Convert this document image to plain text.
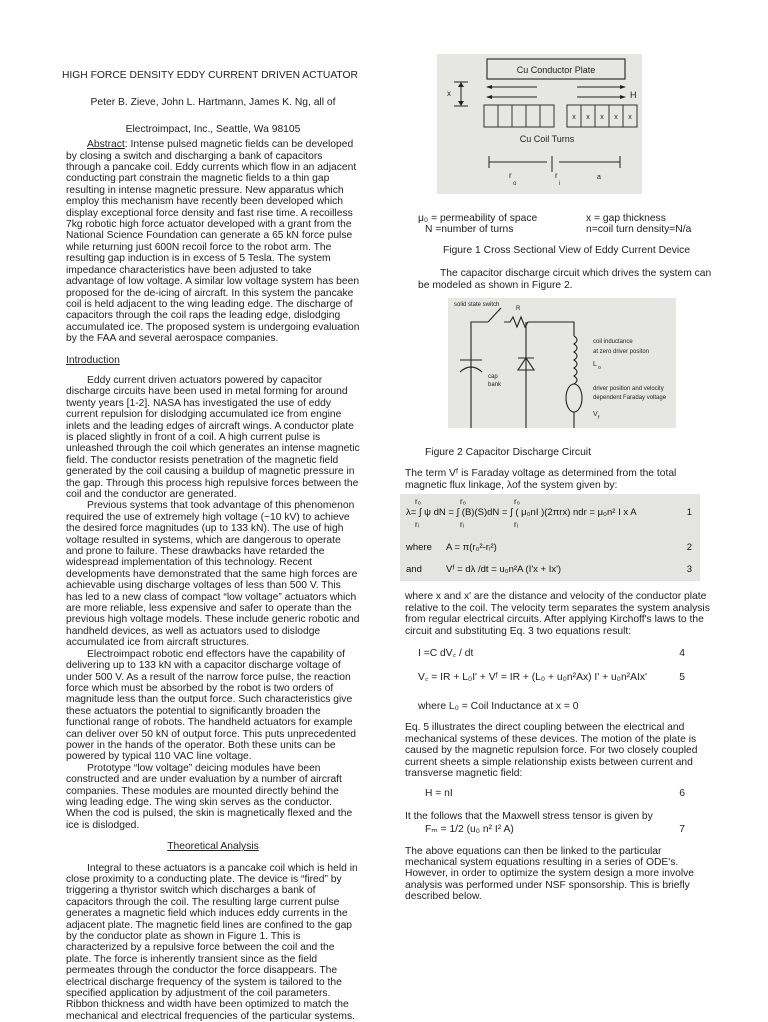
HIGH FORCE DENSITY EDDY CURRENT DRIVEN ACTUATOR
Peter B. Zieve, John L. Hartmann, James K. Ng, all of
Electroimpact, Inc., Seattle, Wa 98105

Abstract: Intense pulsed magnetic fields can be developed by closing a switch and discharging a bank of capacitors through a pancake coil. Eddy currents which flow in an adjacent conducting part constrain the magnetic fields to a thin gap resulting in intense magnetic pressure. New apparatus which employ this mechanism have recently been developed which display exceptional force density and fast rise time. A recoilless 7kg robotic high force actuator developed with a grant from the National Science Foundation can generate a 65 kN force pulse while returning just 600N recoil force to the robot arm. The resulting gap induction is in excess of 5 Tesla. The system impedance characteristics have been adjusted to take advantage of low voltage. A similar low voltage system has been proposed for the de-icing of aircraft. In this system the pancake coil is held adjacent to the wing leading edge. The discharge of capacitors through the coil raps the leading edge, dislodging accumulated ice. The proposed system is undergoing evaluation by the FAA and several aerospace companies.

Introduction

Eddy current driven actuators powered by capacitor discharge circuits have been used in metal forming for around twenty years [1-2]. NASA has investigated the use of eddy current repulsion for dislodging accumulated ice from engine inlets and the leading edges of aircraft wings. A conductor plate is placed slightly in front of a coil. A high current pulse is unleashed through the coil which generates an intense magnetic field. The conductor resists penetration of the magnetic field generated by the coil causing a buildup of magnetic pressure in the gap. Through this process high repulsive forces between the coil and the conductor are generated.

Previous systems that took advantage of this phenomenon required the use of extremely high voltage (~10 kV) to achieve the desired force magnitudes (up to 133 kN). The use of high voltage resulted in systems, which are dangerous to operate and prone to failure. These drawbacks have retarded the widespread implementation of this technology. Recent developments have demonstrated that the same high forces are achievable using discharge voltages of less than 500 V. This has led to a new class of compact “low voltage” actuators which are more reliable, less expensive and safer to operate than the previous high voltage models. These include generic robotic and handheld devices, as well as actuators used to dislodge accumulated ice from aircraft structures.

Electroimpact robotic end effectors have the capability of delivering up to 133 kN with a capacitor discharge voltage of under 500 V. As a result of the narrow force pulse, the reaction force which must be absorbed by the robot is two orders of magnitude less than the output force. Such characteristics give these actuators the potential to significantly broaden the functional range of robots. The handheld actuators for example can deliver over 50 kN of output force. This puts unprecedented power in the hands of the operator. Both these units can be powered by typical 110 VAC line voltage.

Prototype “low voltage” deicing modules have been constructed and are under evaluation by a number of aircraft companies. These modules are mounted directly behind the wing leading edge. The wing skin serves as the conductor. When the cod is pulsed, the skin is magnetically flexed and the ice is dislodged.

Theoretical Analysis

Integral to these actuators is a pancake coil which is held in close proximity to a conducting plate. The device is “fired” by triggering a thyristor switch which discharges a bank of capacitors through the coil. The resulting large current pulse generates a magnetic field which induces eddy currents in the adjacent plate. The magnetic field lines are confined to the gap by the conductor plate as shown in Figure 1. This is characterized by a repulsive force between the coil and the plate. The force is inherently transient since as the field permeates through the conductor the force disappears. The electrical discharge frequency of the system is tailored to the specified application by adjustment of the coil parameters. Ribbon thickness and width have been optimized to match the mechanical and electrical frequencies of the particular systems.

Cu Conductor Plate
x	H
x x x x x
Cu Coil Turns
r
o
r
i
a
μ₀ = permeability of space	x = gap thickness
N =number of turns	n=coil turn density=N/a
Figure 1 Cross Sectional View of Eddy Current Device

The capacitor discharge circuit which drives the system can be modeled as shown in Figure 2.

solid state switch
R
cap
bank
coil inductance
at zero driver positon
L o
driver position and velocity
dependent Faraday voltage
V f
Figure 2 Capacitor Discharge Circuit

The term Vᶠ is Faraday voltage as determined from the total magnetic flux linkage, λof the system given by:

r₀	r₀	r₀
λ= ∫ ψ dN = ∫ (B)(S)dN = ∫ ( μ₀nI )(2πrx) ndr = μ₀n² I x A	1
rᵢ	rᵢ	rᵢ
where	A = π(r₀²-rᵢ²)	2
and	Vᶠ = dλ /dt = u₀n²A (I'x + Ix')	3

where x and x' are the distance and velocity of the conductor plate relative to the coil. The velocity term separates the system analysis from regular electrical circuits. After applying Kirchoff's laws to the circuit and substituting Eq. 3 two equations result:

I =C dV꜀ / dt	4
V꜀ = IR + L₀I' + Vᶠ = IR + (L₀ + u₀n²Ax) I' + u₀n²AIx'	5
where L₀ = Coil Inductance at x = 0

Eq. 5 illustrates the direct coupling between the electrical and mechanical systems of these devices. The motion of the plate is caused by the magnetic repulsion force. For two closely coupled current sheets a simple relationship exists between current and transverse magnetic field:

H = nI	6
It the follows that the Maxwell stress tensor is given by
Fₘ = 1/2 (u₀ n² I² A)	7

The above equations can then be linked to the particular mechanical system equations resulting in a series of ODE's. However, in order to optimize the system design a more involve analysis was performed under NSF sponsorship. This is briefly described below.
